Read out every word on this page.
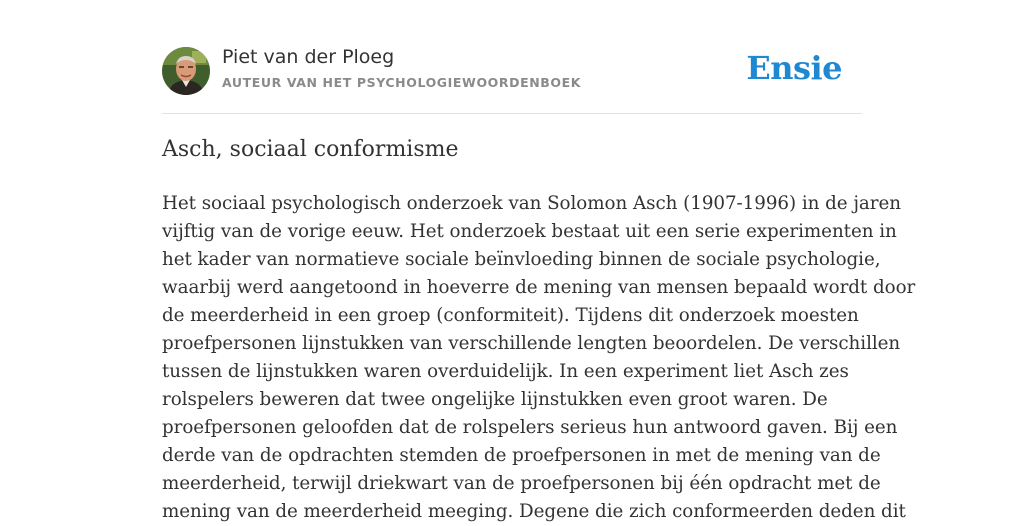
Piet van der Ploeg
AUTEUR VAN HET PSYCHOLOGIEWOORDENBOEK	Ensie
Asch, sociaal conformisme
Het sociaal psychologisch onderzoek van Solomon Asch (1907-1996) in de jaren
vijftig van de vorige eeuw. Het onderzoek bestaat uit een serie experimenten in
het kader van normatieve sociale beïnvloeding binnen de sociale psychologie,
waarbij werd aangetoond in hoeverre de mening van mensen bepaald wordt door
de meerderheid in een groep (conformiteit). Tijdens dit onderzoek moesten
proefpersonen lijnstukken van verschillende lengten beoordelen. De verschillen
tussen de lijnstukken waren overduidelijk. In een experiment liet Asch zes
rolspelers beweren dat twee ongelijke lijnstukken even groot waren. De
proefpersonen geloofden dat de rolspelers serieus hun antwoord gaven. Bij een
derde van de opdrachten stemden de proefpersonen in met de mening van de
meerderheid, terwijl driekwart van de proefpersonen bij één opdracht met de
mening van de meerderheid meeging. Degene die zich conformeerden deden dit
